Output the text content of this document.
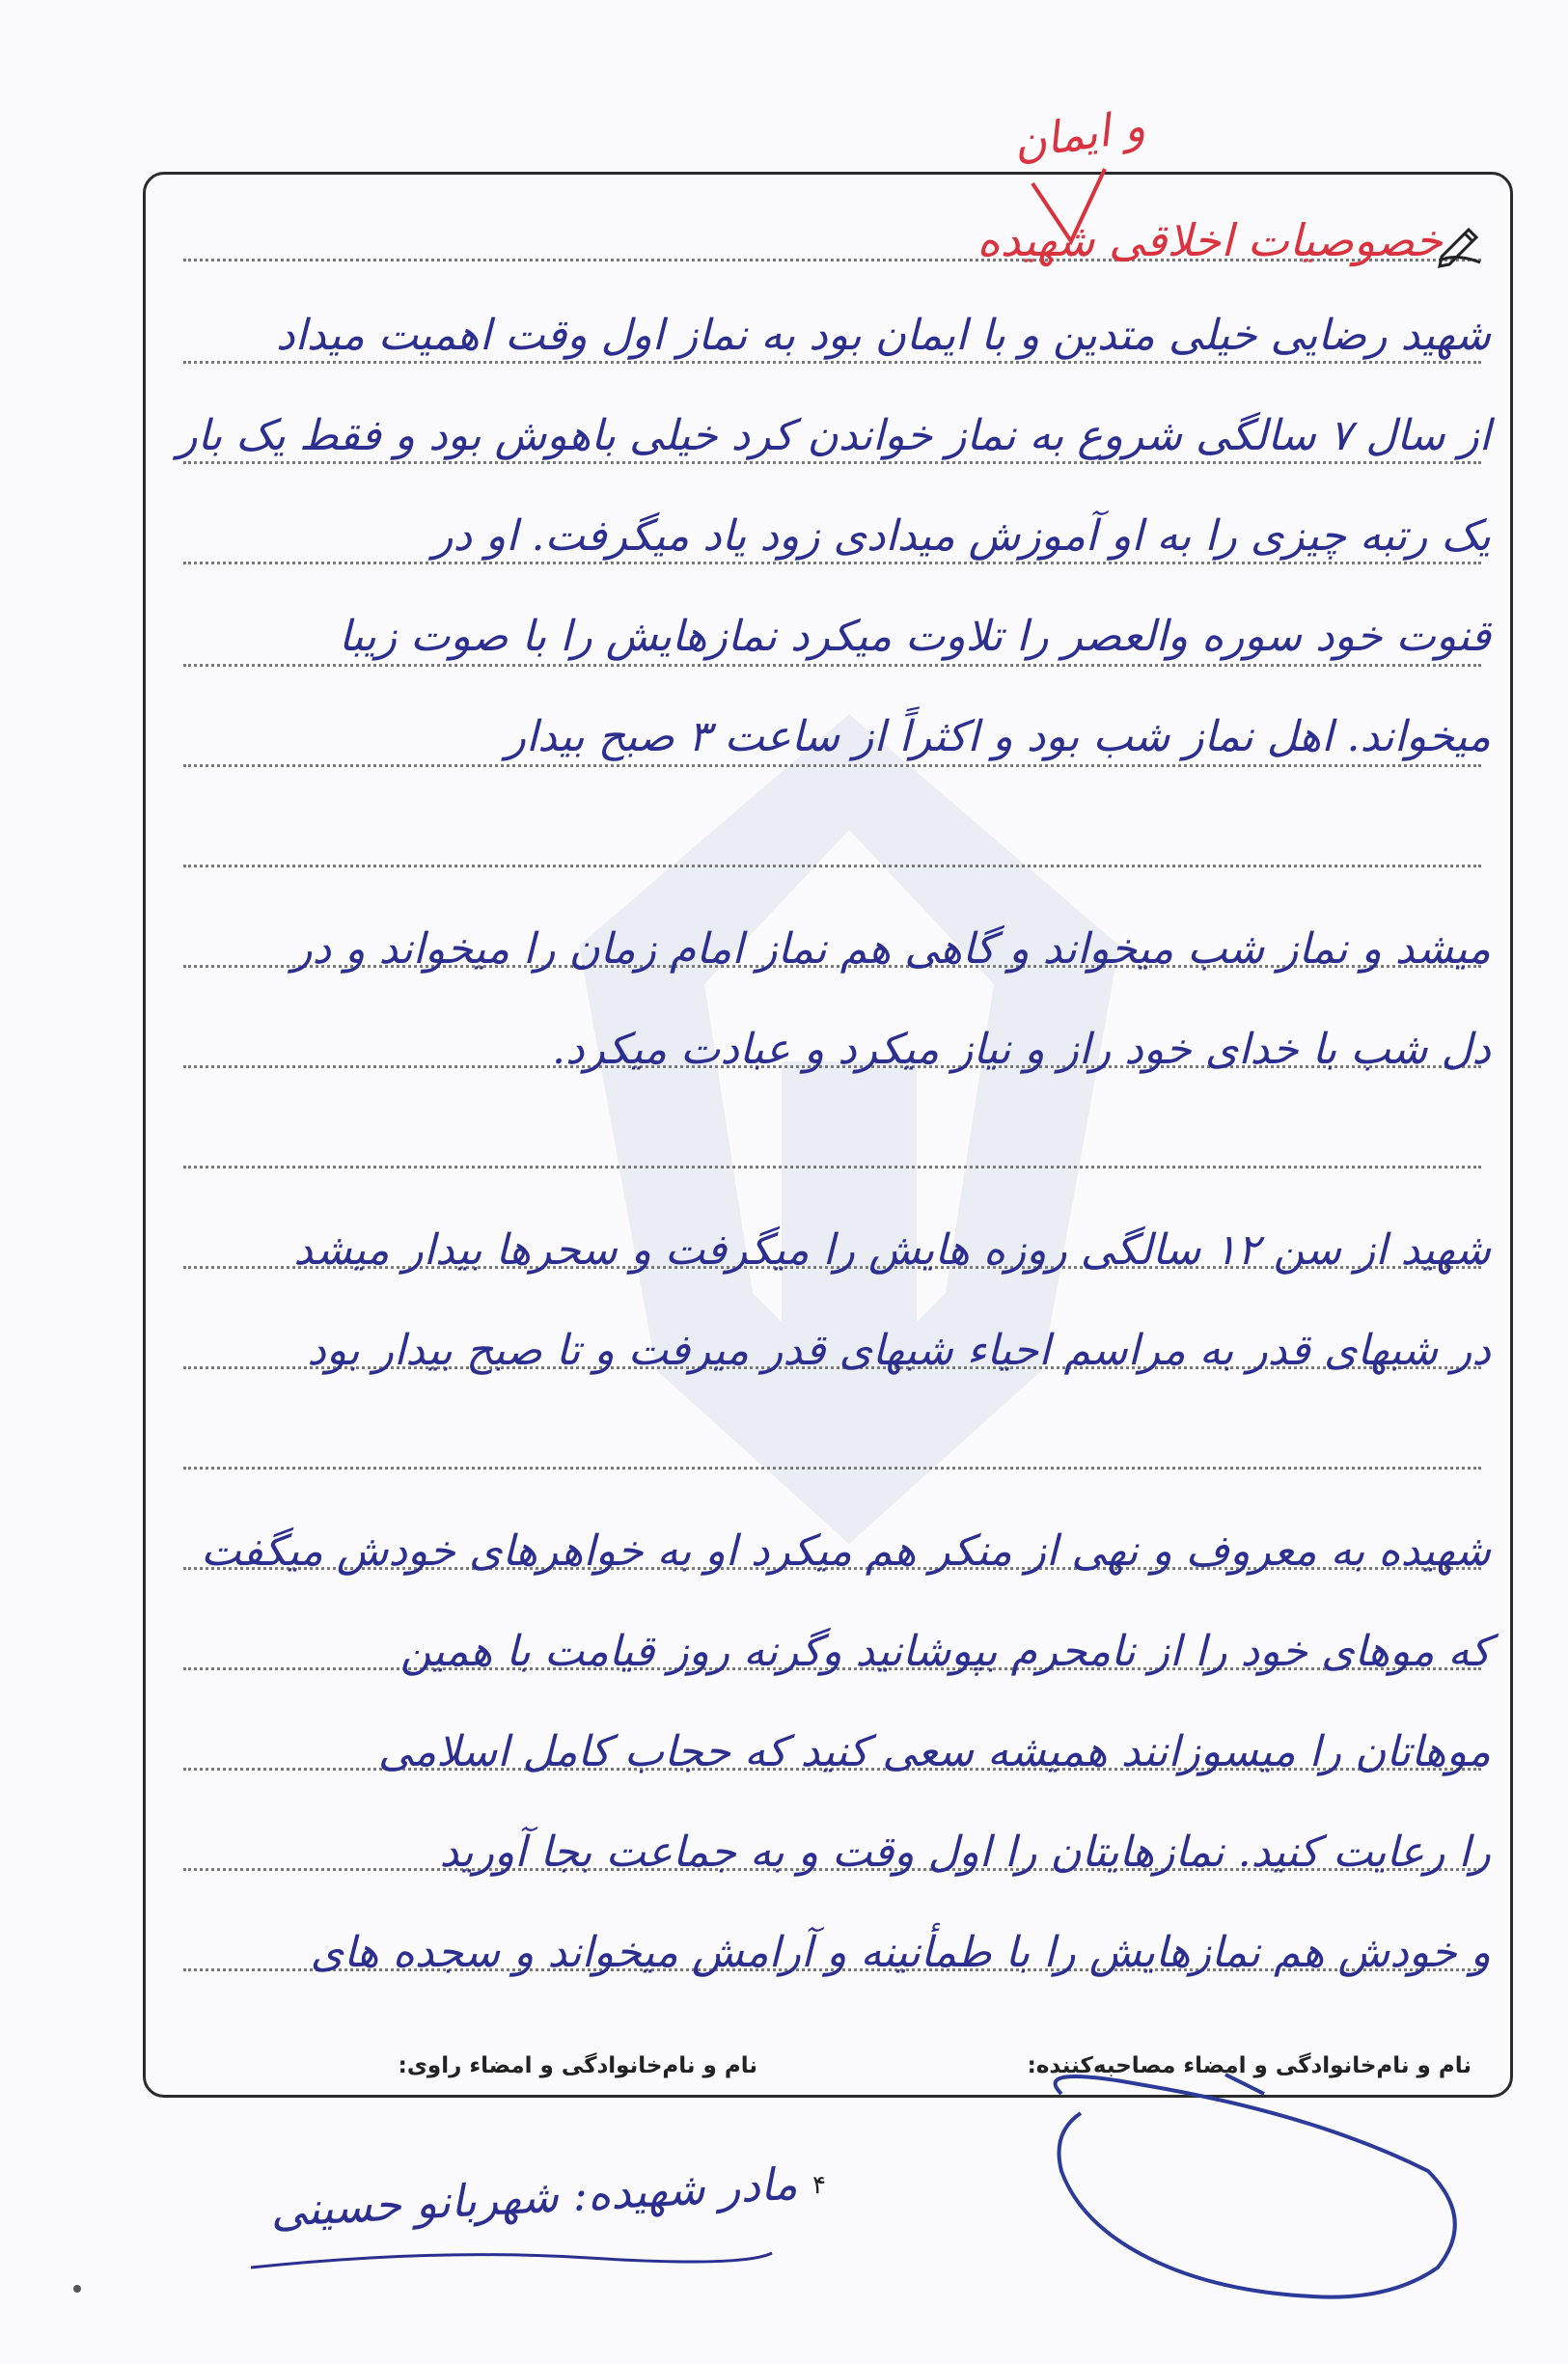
خصوصیات اخلاقی شهیده
و ایمان
شهید رضایی خیلی متدین و با ایمان بود به نماز اول وقت اهمیت میداد
از سال ۷ سالگی شروع به نماز خواندن کرد خیلی باهوش بود و فقط یک بار
یک رتبه چیزی را به او آموزش میدادی زود یاد میگرفت. او در
قنوت خود سوره والعصر را تلاوت میکرد نمازهایش را با صوت زیبا
میخواند. اهل نماز شب بود و اکثراً از ساعت ۳ صبح بیدار
میشد و نماز شب میخواند و گاهی هم نماز امام زمان را میخواند و در
دل شب با خدای خود راز و نیاز میکرد و عبادت میکرد.
شهید از سن ۱۲ سالگی روزه هایش را میگرفت و سحرها بیدار میشد
در شبهای قدر به مراسم احیاء شبهای قدر میرفت و تا صبح بیدار بود
شهیده به معروف و نهی از منکر هم میکرد او به خواهرهای خودش میگفت
که موهای خود را از نامحرم بپوشانید وگرنه روز قیامت با همین
موهاتان را میسوزانند همیشه سعی کنید که حجاب کامل اسلامی
را رعایت کنید. نمازهایتان را اول وقت و به جماعت بجا آورید
و خودش هم نمازهایش را با طمأنینه و آرامش میخواند و سجده های
نام و نام‌خانوادگی و امضاء مصاحبه‌کننده:
نام و نام‌خانوادگی و امضاء راوی:
۴
مادر شهیده: شهربانو حسینی
